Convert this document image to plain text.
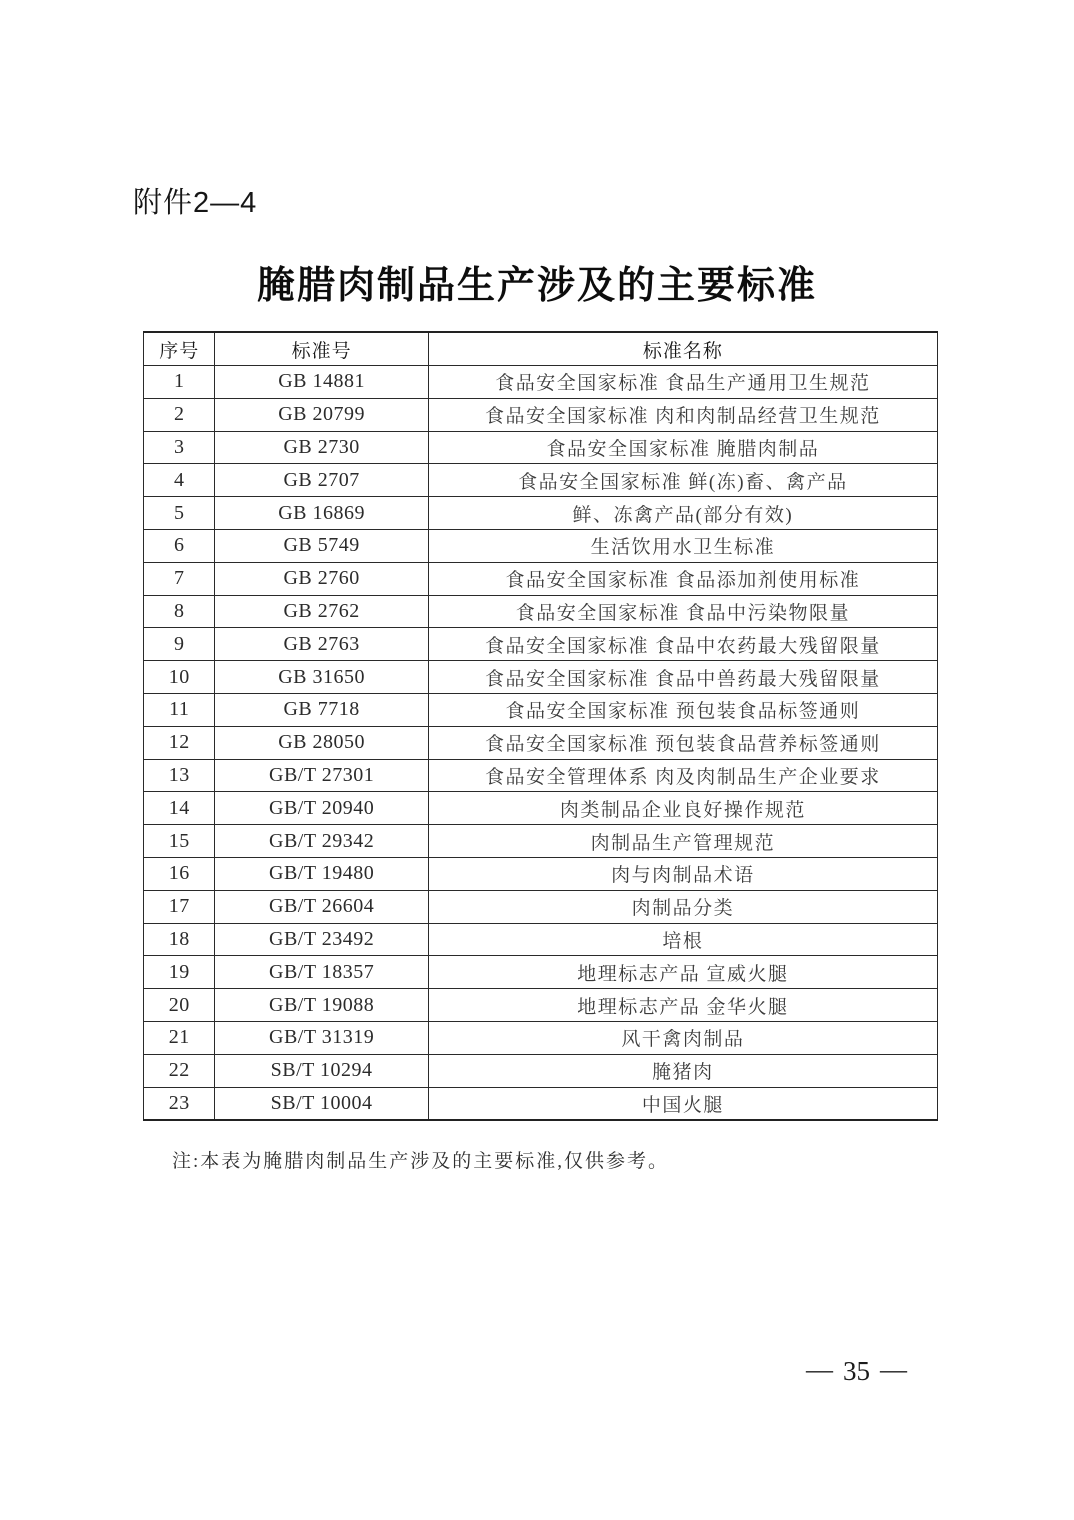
附件2—4
腌腊肉制品生产涉及的主要标准
序号	标准号	标准名称
1	GB 14881	食品安全国家标准 食品生产通用卫生规范
2	GB 20799	食品安全国家标准 肉和肉制品经营卫生规范
3	GB 2730	食品安全国家标准 腌腊肉制品
4	GB 2707	食品安全国家标准 鲜(冻)畜、禽产品
5	GB 16869	鲜、冻禽产品(部分有效)
6	GB 5749	生活饮用水卫生标准
7	GB 2760	食品安全国家标准 食品添加剂使用标准
8	GB 2762	食品安全国家标准 食品中污染物限量
9	GB 2763	食品安全国家标准 食品中农药最大残留限量
10	GB 31650	食品安全国家标准 食品中兽药最大残留限量
11	GB 7718	食品安全国家标准 预包装食品标签通则
12	GB 28050	食品安全国家标准 预包装食品营养标签通则
13	GB/T 27301	食品安全管理体系 肉及肉制品生产企业要求
14	GB/T 20940	肉类制品企业良好操作规范
15	GB/T 29342	肉制品生产管理规范
16	GB/T 19480	肉与肉制品术语
17	GB/T 26604	肉制品分类
18	GB/T 23492	培根
19	GB/T 18357	地理标志产品 宣威火腿
20	GB/T 19088	地理标志产品 金华火腿
21	GB/T 31319	风干禽肉制品
22	SB/T 10294	腌猪肉
23	SB/T 10004	中国火腿
注:本表为腌腊肉制品生产涉及的主要标准,仅供参考。
— 35 —
